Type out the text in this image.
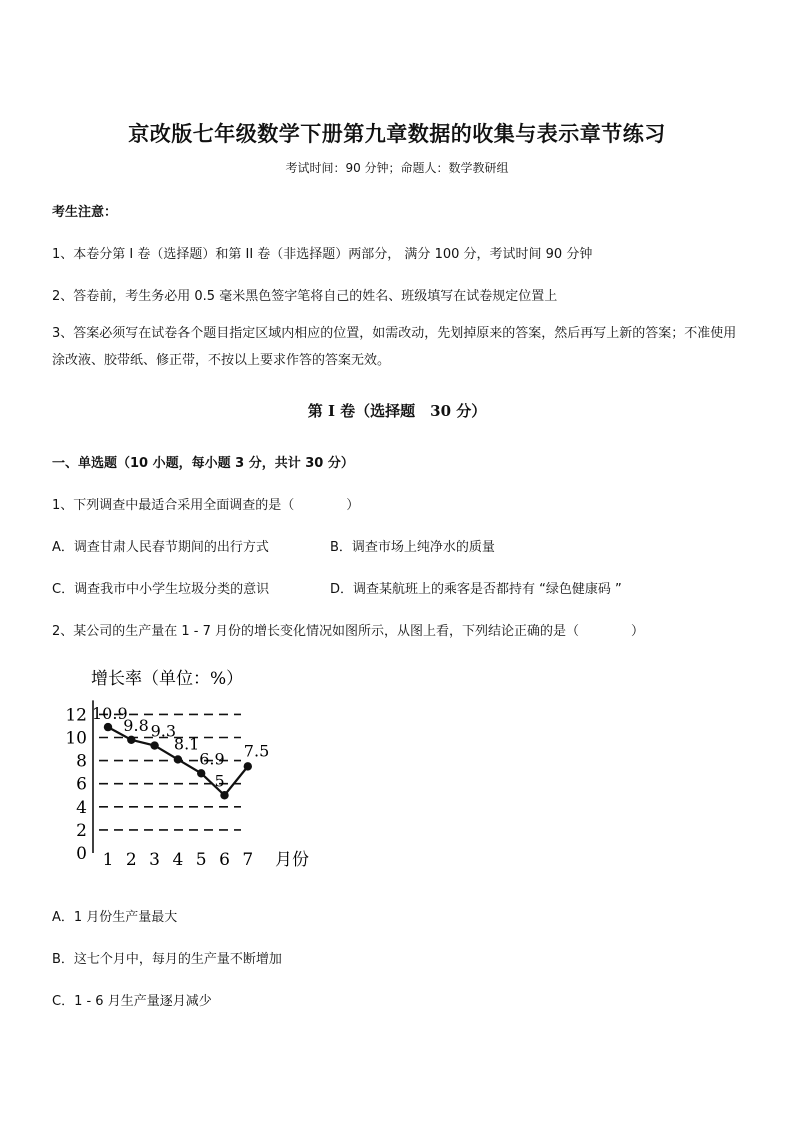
京改版七年级数学下册第九章数据的收集与表示章节练习
考试时间：90 分钟；命题人：数学教研组
考生注意：
1、本卷分第 I 卷（选择题）和第 II 卷（非选择题）两部分， 满分 100 分，考试时间 90 分钟
2、答卷前，考生务必用 0.5 毫米黑色签字笔将自己的姓名、班级填写在试卷规定位置上
3、答案必须写在试卷各个题目指定区域内相应的位置，如需改动，先划掉原来的答案，然后再写上新的答案；不准使用涂改液、胶带纸、修正带，不按以上要求作答的答案无效。
第 I 卷（选择题　30 分）
一、单选题（10 小题，每小题 3 分，共计 30 分）
1、下列调查中最适合采用全面调查的是（　　　　）
A．调查甘肃人民春节期间的出行方式	B．调查市场上纯净水的质量
C．调查我市中小学生垃圾分类的意识	D．调查某航班上的乘客是否都持有 “绿色健康码 ”
2、某公司的生产量在 1 - 7 月份的增长变化情况如图所示，从图上看，下列结论正确的是（　　　　）
增长率（单位：%）
月份
0
2
4
6
8
10
12
1 2 3 4 5 6 7
10.9
9.8 9.3
8.1
6.9
5
7.5
A．1 月份生产量最大
B．这七个月中，每月的生产量不断增加
C．1 - 6 月生产量逐月减少
